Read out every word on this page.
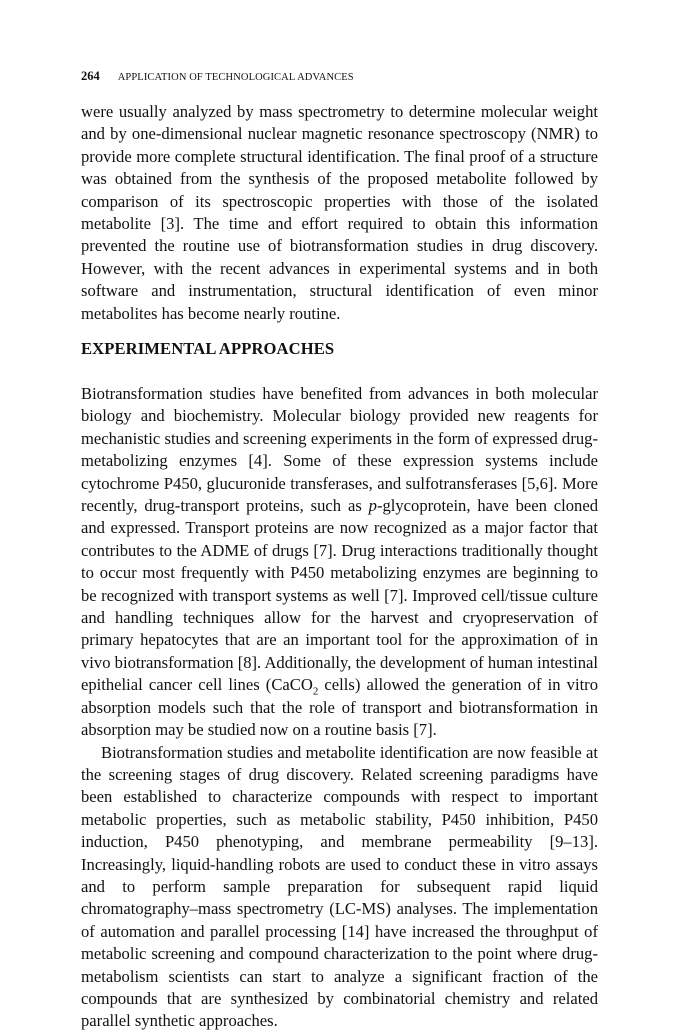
264 APPLICATION OF TECHNOLOGICAL ADVANCES

were usually analyzed by mass spectrometry to determine molecular weight and by one-dimensional nuclear magnetic resonance spectroscopy (NMR) to provide more complete structural identification. The final proof of a structure was obtained from the synthesis of the proposed metabolite followed by comparison of its spectroscopic properties with those of the isolated metabolite [3]. The time and effort required to obtain this information prevented the routine use of biotransformation studies in drug discovery. However, with the recent advances in experimental systems and in both software and instrumentation, structural identification of even minor metabolites has become nearly routine.

EXPERIMENTAL APPROACHES

Biotransformation studies have benefited from advances in both molecular biology and biochemistry. Molecular biology provided new reagents for mechanistic studies and screening experiments in the form of expressed drug-metabolizing enzymes [4]. Some of these expression systems include cytochrome P450, glucuronide transferases, and sulfotransferases [5,6]. More recently, drug-transport proteins, such as p-glycoprotein, have been cloned and expressed. Transport proteins are now recognized as a major factor that contributes to the ADME of drugs [7]. Drug interactions traditionally thought to occur most frequently with P450 metabolizing enzymes are beginning to be recognized with transport systems as well [7]. Improved cell/tissue culture and handling techniques allow for the harvest and cryopreservation of primary hepatocytes that are an important tool for the approximation of in vivo biotransformation [8]. Additionally, the development of human intestinal epithelial cancer cell lines (CaCO$_2$ cells) allowed the generation of in vitro absorption models such that the role of transport and biotransformation in absorption may be studied now on a routine basis [7].

Biotransformation studies and metabolite identification are now feasible at the screening stages of drug discovery. Related screening paradigms have been established to characterize compounds with respect to important metabolic properties, such as metabolic stability, P450 inhibition, P450 induction, P450 phenotyping, and membrane permeability [9–13]. Increasingly, liquid-handling robots are used to conduct these in vitro assays and to perform sample preparation for subsequent rapid liquid chromatography–mass spectrometry (LC-MS) analyses. The implementation of automation and parallel processing [14] have increased the throughput of metabolic screening and compound characterization to the point where drug-metabolism scientists can start to analyze a significant fraction of the compounds that are synthesized by combinatorial chemistry and related parallel synthetic approaches.
